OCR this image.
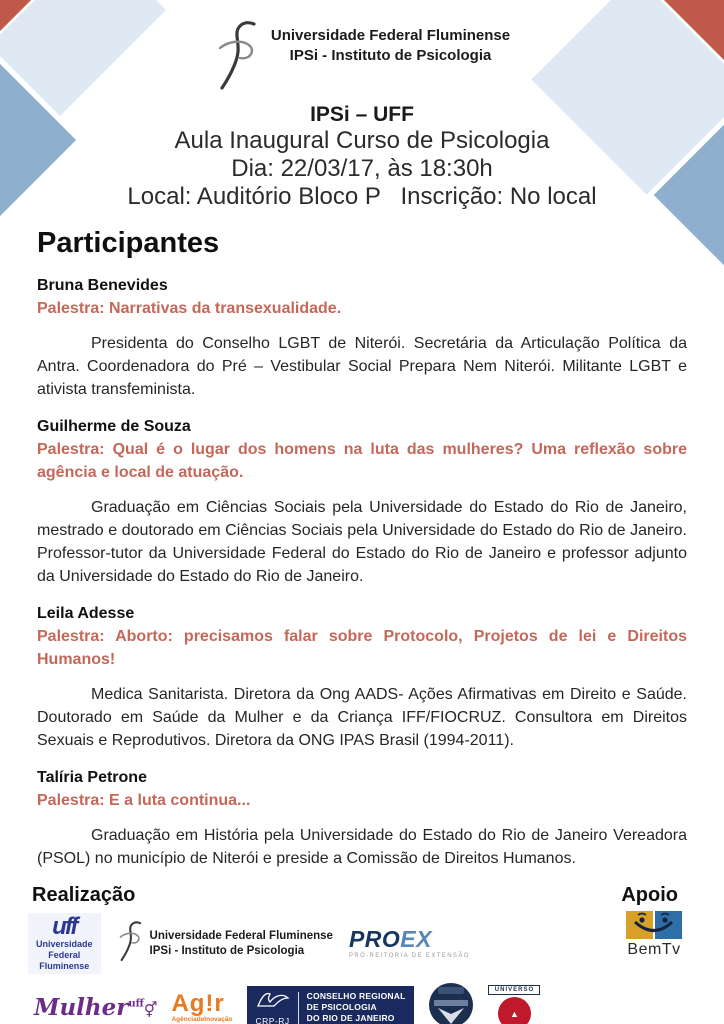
Universidade Federal Fluminense
IPSi - Instituto de Psicologia
IPSi – UFF
Aula Inaugural Curso de Psicologia
Dia: 22/03/17, às 18:30h
Local: Auditório Bloco P   Inscrição: No local
Participantes
Bruna Benevides
Palestra: Narrativas da transexualidade.

Presidenta do Conselho LGBT de Niterói. Secretária da Articulação Política da Antra. Coordenadora do Pré – Vestibular Social Prepara Nem Niterói. Militante LGBT e ativista transfeminista.

Guilherme de Souza
Palestra: Qual é o lugar dos homens na luta das mulheres? Uma reflexão sobre agência e local de atuação.

Graduação em Ciências Sociais pela Universidade do Estado do Rio de Janeiro, mestrado e doutorado em Ciências Sociais pela Universidade do Estado do Rio de Janeiro. Professor-tutor da Universidade Federal do Estado do Rio de Janeiro e professor adjunto da Universidade do Estado do Rio de Janeiro.

Leila Adesse
Palestra: Aborto: precisamos falar sobre Protocolo, Projetos de lei e Direitos Humanos!

Medica Sanitarista. Diretora da Ong AADS- Ações Afirmativas em Direito e Saúde. Doutorado em Saúde da Mulher e da Criança IFF/FIOCRUZ. Consultora em Direitos Sexuais e Reprodutivos. Diretora da ONG IPAS Brasil (1994-2011).

Talíria Petrone
Palestra: E a luta continua...

Graduação em História pela Universidade do Estado do Rio de Janeiro Vereadora (PSOL) no município de Niterói e preside a Comissão de Direitos Humanos.

Realização	Apoio
uff
Universidade
Federal
Fluminense
Universidade Federal Fluminense
IPSi - Instituto de Psicologia	PROEX
PRÓ-REITORIA DE EXTENSÃO
Mulher$^{uff}$⚥ Ag!r
AgênciadeInovação	CRP-RJ
CONSELHO REGIONAL
DE PSICOLOGIA
DO RIO DE JANEIRO
UNIVERSO
▲
BemTv
